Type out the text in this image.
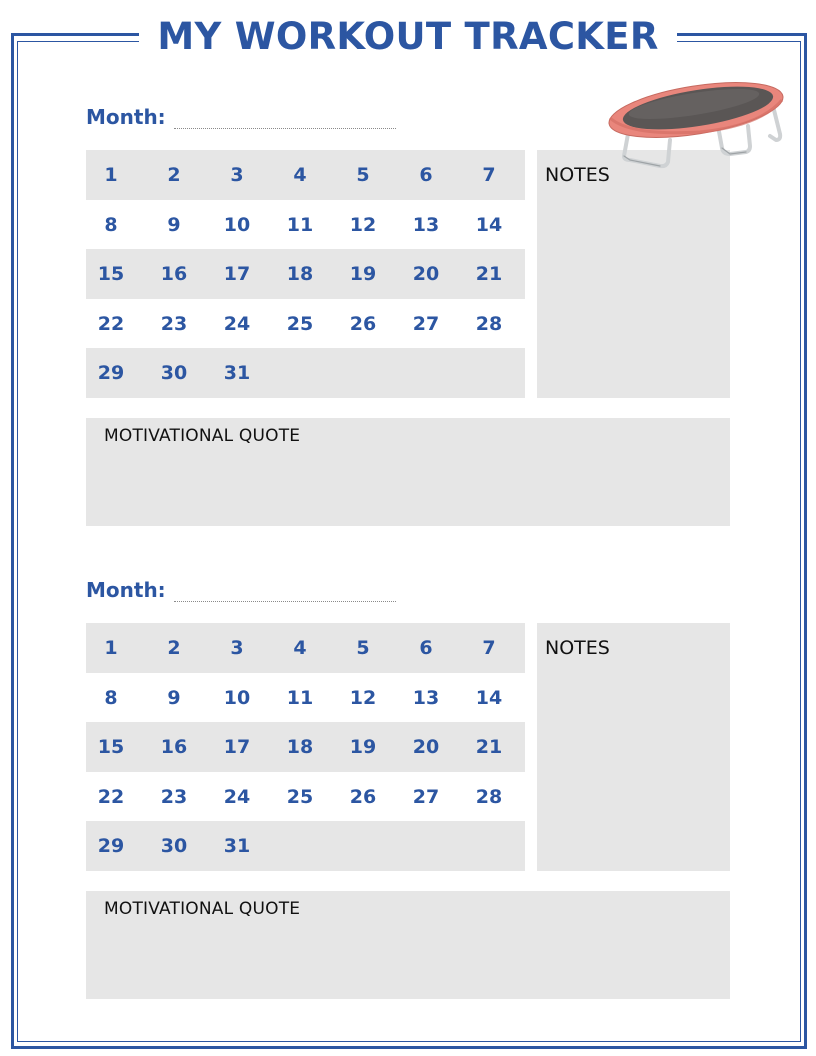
MY WORKOUT TRACKER
Month:
1	2	3	4	5	6	7
8	9	10	11	12	13	14
15	16	17	18	19	20	21
22	23	24	25	26	27	28
29	30	31
NOTES
MOTIVATIONAL QUOTE
Month:
1	2	3	4	5	6	7
8	9	10	11	12	13	14
15	16	17	18	19	20	21
22	23	24	25	26	27	28
29	30	31
NOTES
MOTIVATIONAL QUOTE
